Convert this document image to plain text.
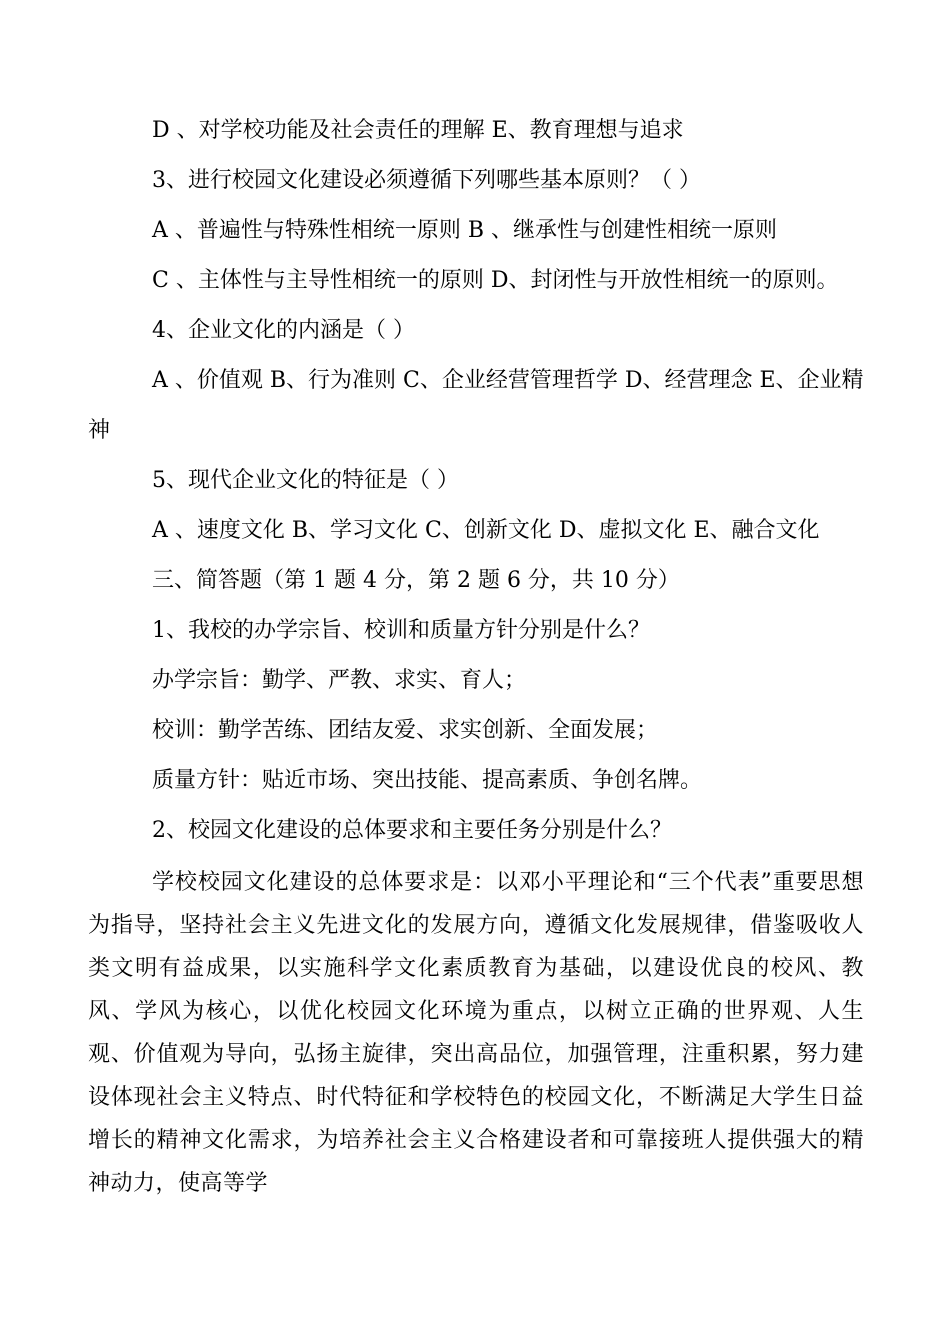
D 、对学校功能及社会责任的理解 E、教育理想与追求
3、进行校园文化建设必须遵循下列哪些基本原则？（ ）
A 、普遍性与特殊性相统一原则 B 、继承性与创建性相统一原则
C 、主体性与主导性相统一的原则 D、封闭性与开放性相统一的原则。
4、企业文化的内涵是（ ）
A 、价值观 B、行为准则 C、企业经营管理哲学 D、经营理念 E、企业精
神
5、现代企业文化的特征是（ ）
A 、速度文化 B、学习文化 C、创新文化 D、虚拟文化 E、融合文化
三、简答题（第 1 题 4 分，第 2 题 6 分，共 10 分）
1、我校的办学宗旨、校训和质量方针分别是什么？
办学宗旨：勤学、严教、求实、育人；
校训：勤学苦练、团结友爱、求实创新、全面发展；
质量方针：贴近市场、突出技能、提高素质、争创名牌。
2、校园文化建设的总体要求和主要任务分别是什么？

学校校园文化建设的总体要求是：以邓小平理论和“三个代表”重要思想为指导，坚持社会主义先进文化的发展方向，遵循文化发展规律，借鉴吸收人类文明有益成果，以实施科学文化素质教育为基础，以建设优良的校风、教风、学风为核心，以优化校园文化环境为重点，以树立正确的世界观、人生观、价值观为导向，弘扬主旋律，突出高品位，加强管理，注重积累，努力建设体现社会主义特点、时代特征和学校特色的校园文化，不断满足大学生日益增长的精神文化需求，为培养社会主义合格建设者和可靠接班人提供强大的精神动力，使高等学
